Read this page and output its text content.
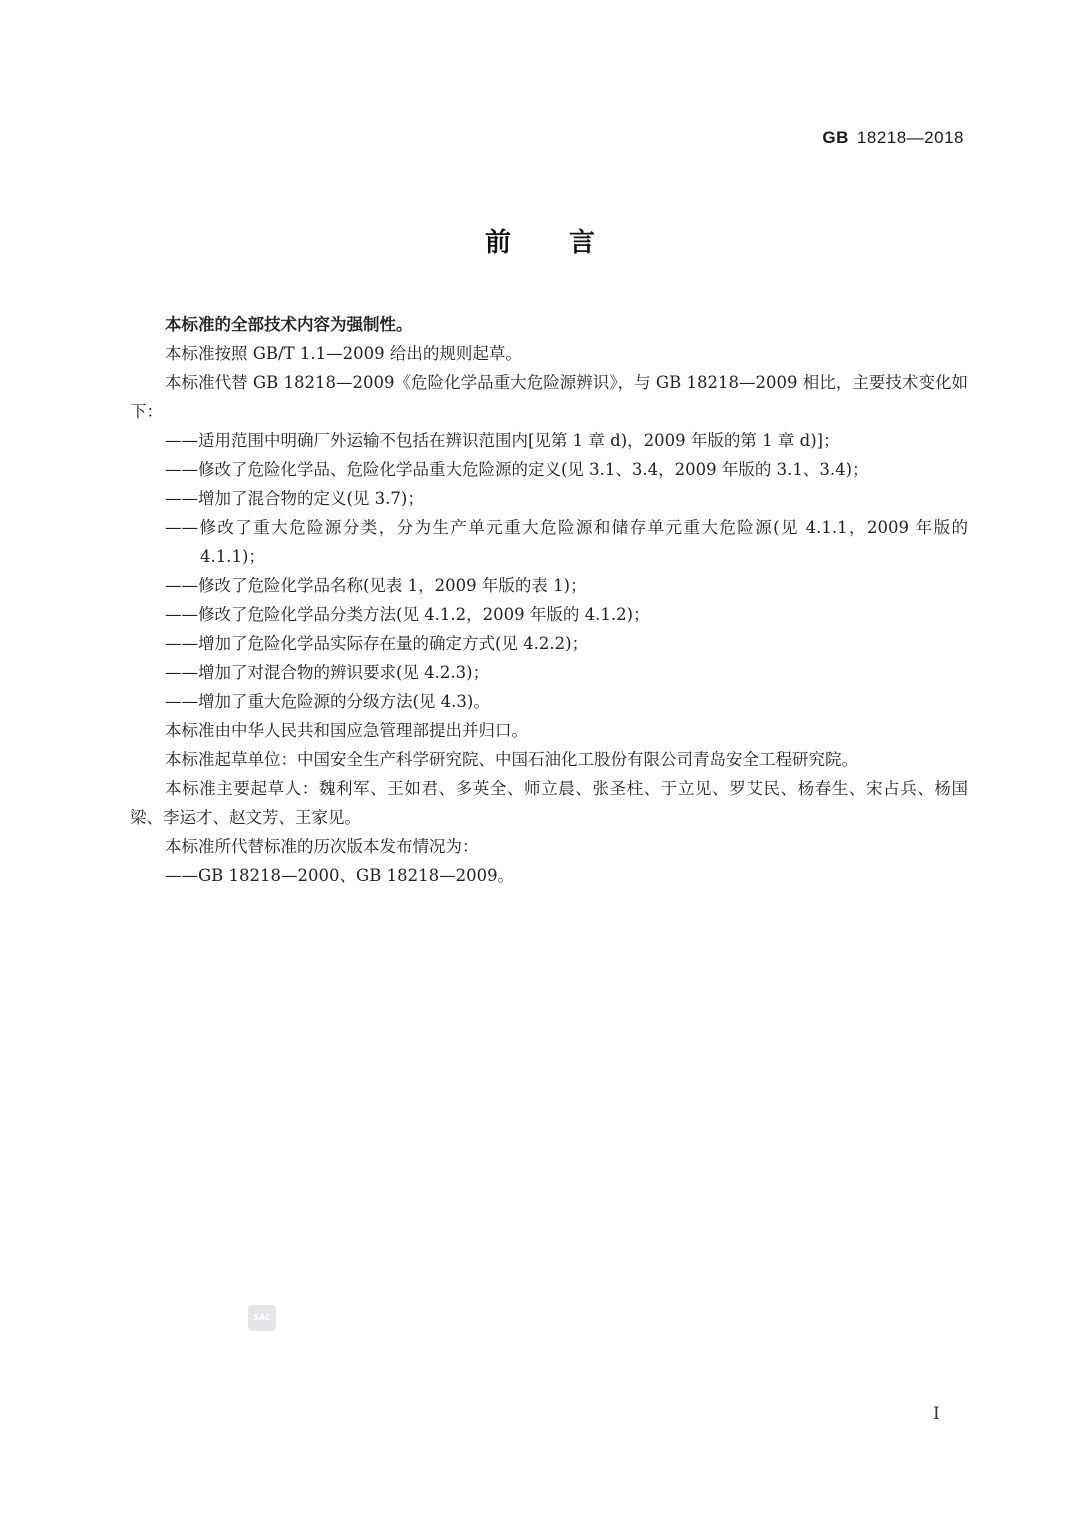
GB 18218—2018
前言

本标准的全部技术内容为强制性。

本标准按照 GB/T 1.1—2009 给出的规则起草。

本标准代替 GB 18218—2009《危险化学品重大危险源辨识》，与 GB 18218—2009 相比，主要技术变化如下：

——适用范围中明确厂外运输不包括在辨识范围内[见第 1 章 d)，2009 年版的第 1 章 d)]；

——修改了危险化学品、危险化学品重大危险源的定义(见 3.1、3.4，2009 年版的 3.1、3.4)；

——增加了混合物的定义(见 3.7)；

——修改了重大危险源分类，分为生产单元重大危险源和储存单元重大危险源(见 4.1.1，2009 年版的 4.1.1)；

——修改了危险化学品名称(见表 1，2009 年版的表 1)；

——修改了危险化学品分类方法(见 4.1.2，2009 年版的 4.1.2)；

——增加了危险化学品实际存在量的确定方式(见 4.2.2)；

——增加了对混合物的辨识要求(见 4.2.3)；

——增加了重大危险源的分级方法(见 4.3)。

本标准由中华人民共和国应急管理部提出并归口。

本标准起草单位：中国安全生产科学研究院、中国石油化工股份有限公司青岛安全工程研究院。

本标准主要起草人：魏利军、王如君、多英全、师立晨、张圣柱、于立见、罗艾民、杨春生、宋占兵、杨国梁、李运才、赵文芳、王家见。

本标准所代替标准的历次版本发布情况为：

——GB 18218—2000、GB 18218—2009。

SAC
I
